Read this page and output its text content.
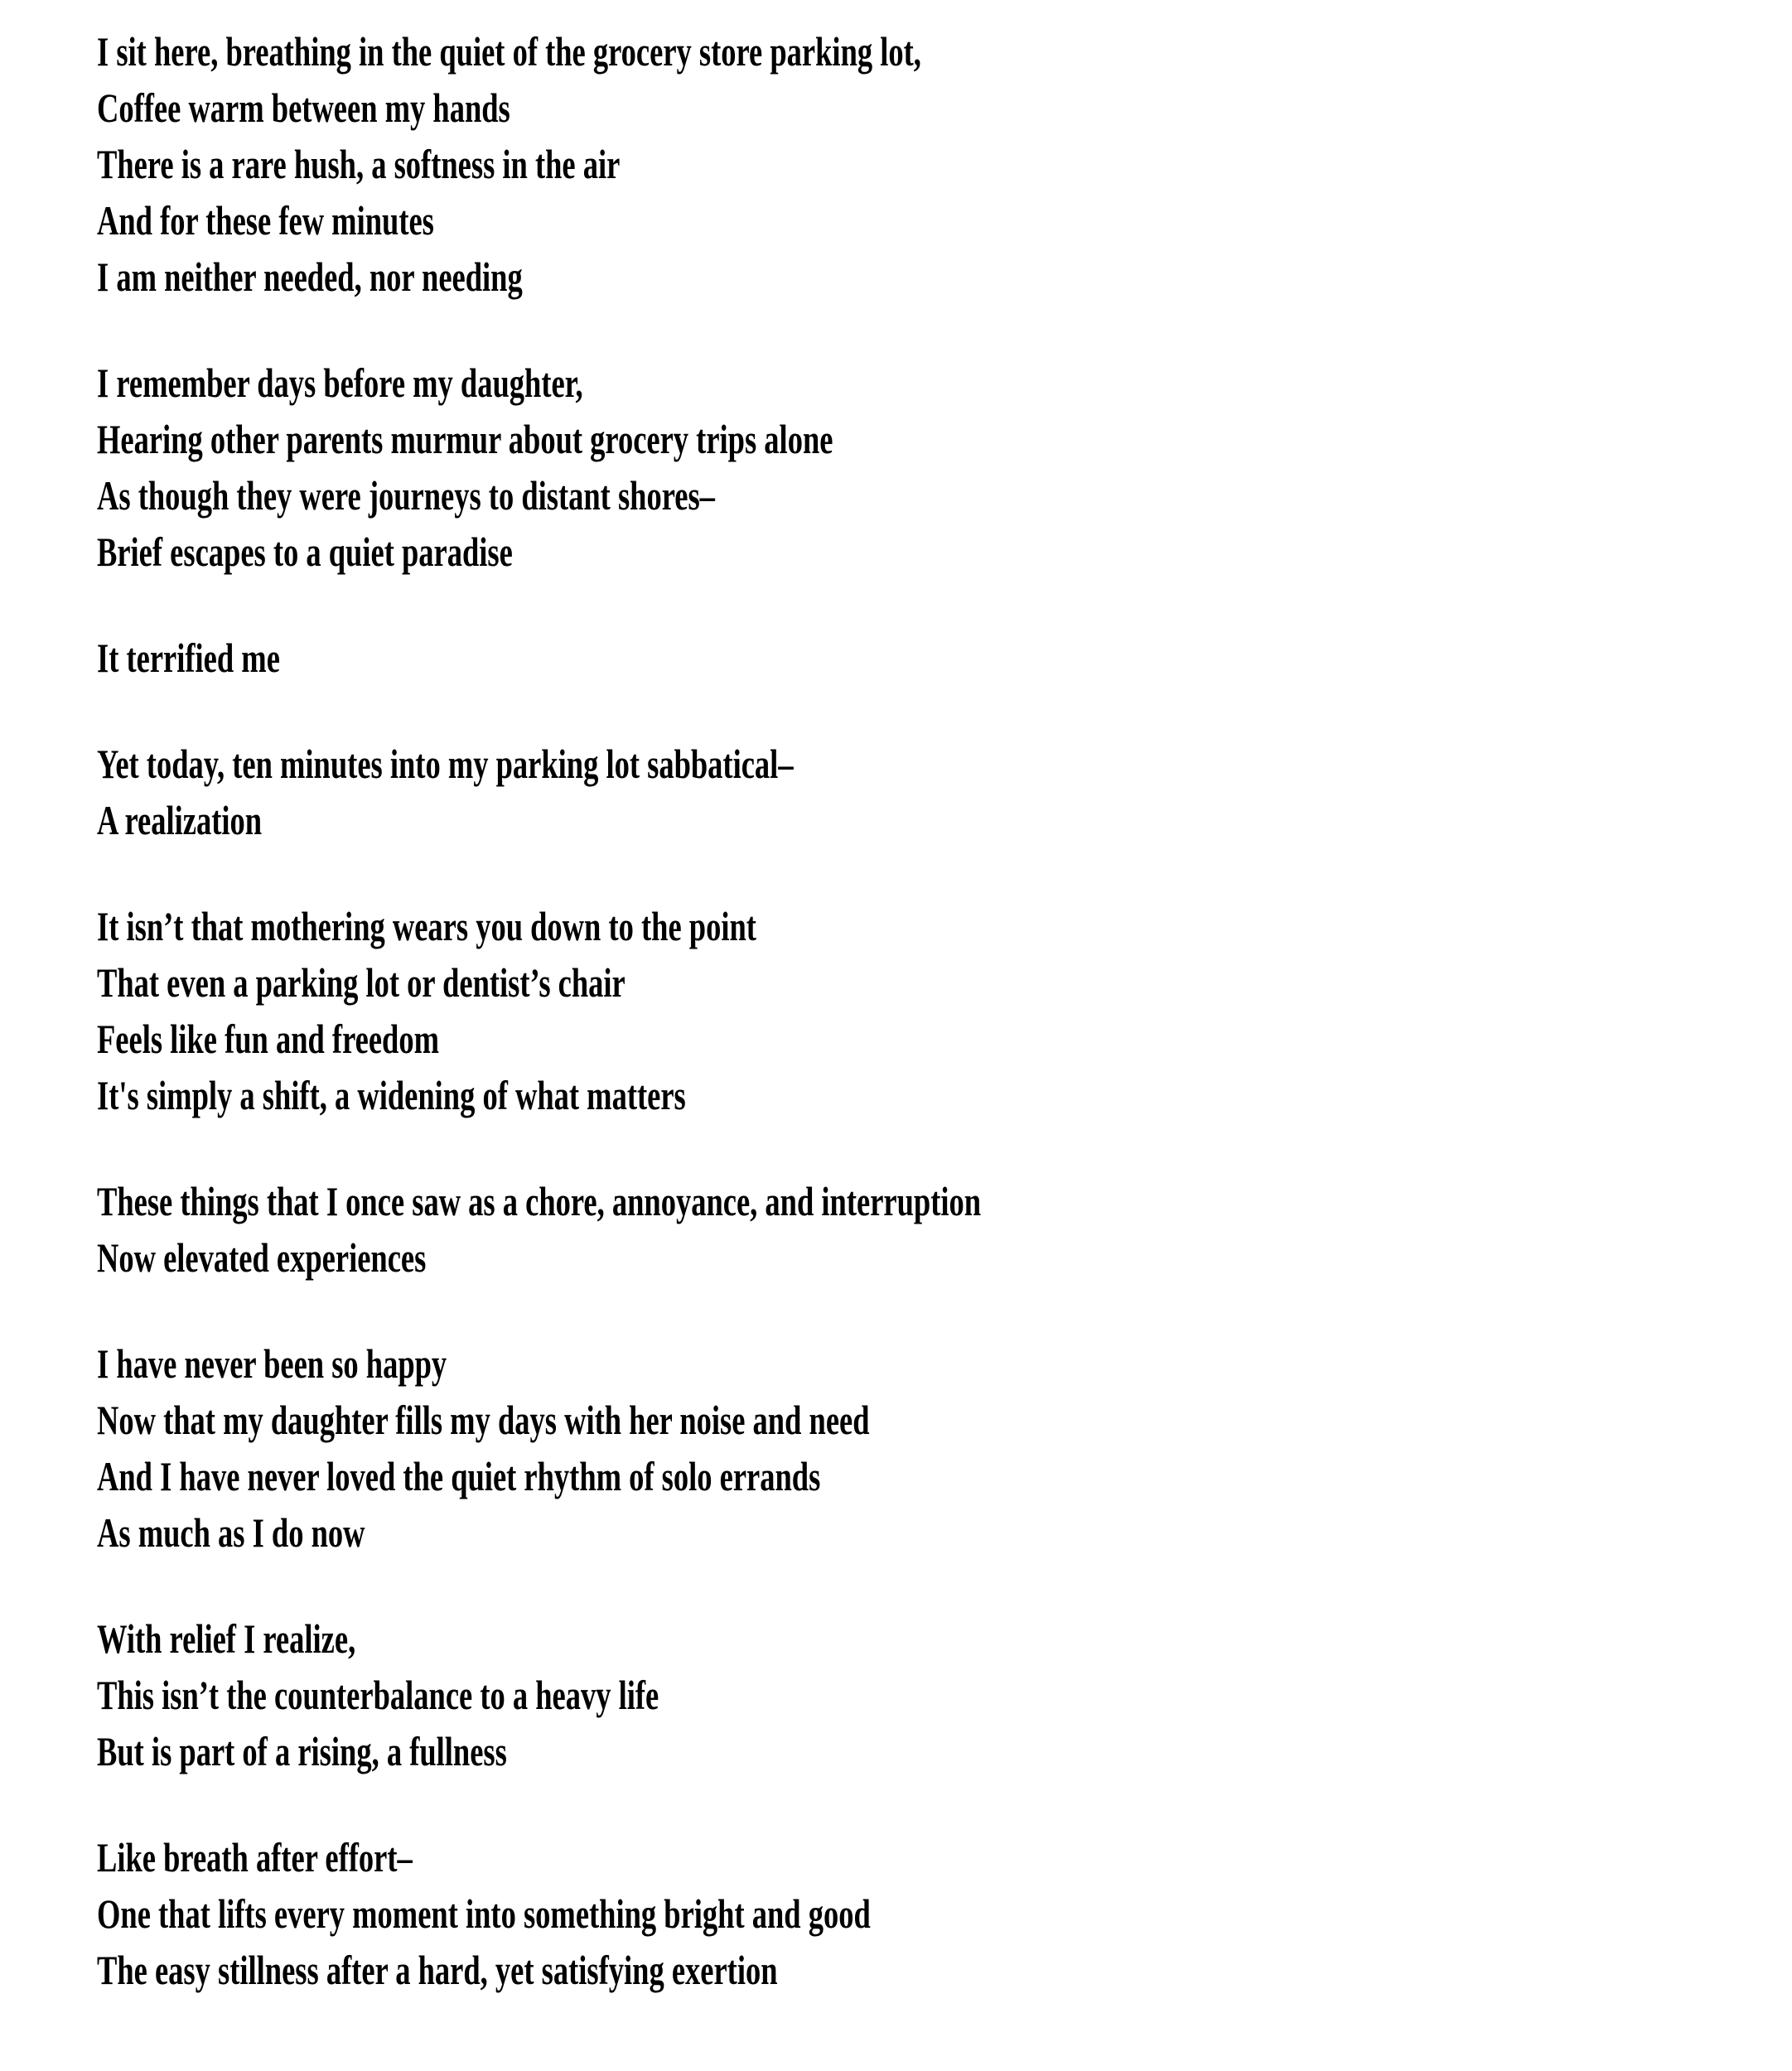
I sit here, breathing in the quiet of the grocery store parking lot,
Coffee warm between my hands
There is a rare hush, a softness in the air
And for these few minutes
I am neither needed, nor needing
I remember days before my daughter,
Hearing other parents murmur about grocery trips alone
As though they were journeys to distant shores–
Brief escapes to a quiet paradise
It terrified me
Yet today, ten minutes into my parking lot sabbatical–
A realization
It isn’t that mothering wears you down to the point
That even a parking lot or dentist’s chair
Feels like fun and freedom
It's simply a shift, a widening of what matters
These things that I once saw as a chore, annoyance, and interruption
Now elevated experiences
I have never been so happy
Now that my daughter fills my days with her noise and need
And I have never loved the quiet rhythm of solo errands
As much as I do now
With relief I realize,
This isn’t the counterbalance to a heavy life
But is part of a rising, a fullness
Like breath after effort–
One that lifts every moment into something bright and good
The easy stillness after a hard, yet satisfying exertion
